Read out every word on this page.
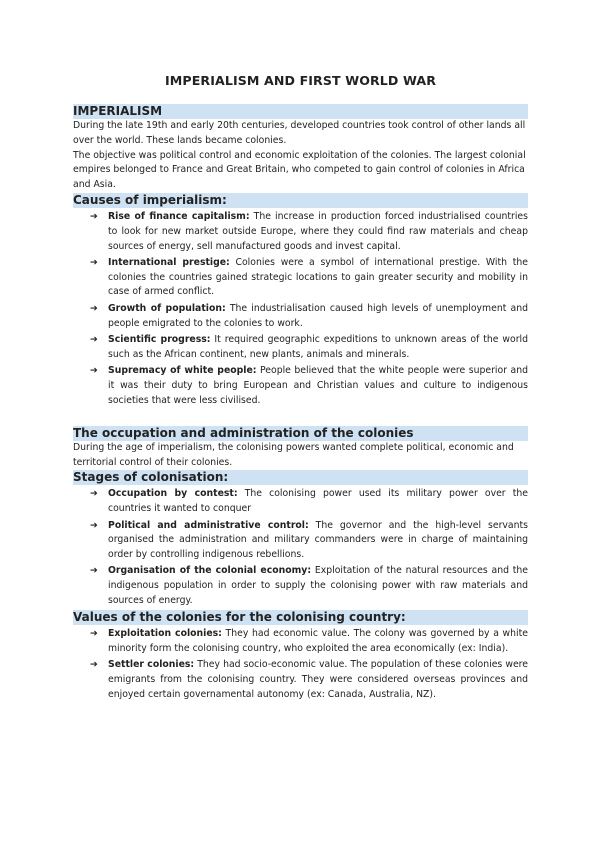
IMPERIALISM AND FIRST WORLD WAR
IMPERIALISM

During the late 19th and early 20th centuries, developed countries took control of other lands all over the world. These lands became colonies.

The objective was political control and economic exploitation of the colonies. The largest colonial empires belonged to France and Great Britain, who competed to gain control of colonies in Africa and Asia.

Causes of imperialism:
➔ Rise of finance capitalism: The increase in production forced industrialised countries to look for new market outside Europe, where they could find raw materials and cheap sources of energy, sell manufactured goods and invest capital.
➔ International prestige: Colonies were a symbol of international prestige. With the colonies the countries gained strategic locations to gain greater security and mobility in case of armed conflict.
➔ Growth of population: The industrialisation caused high levels of unemployment and people emigrated to the colonies to work.
➔ Scientific progress: It required geographic expeditions to unknown areas of the world such as the African continent, new plants, animals and minerals.
➔ Supremacy of white people: People believed that the white people were superior and it was their duty to bring European and Christian values and culture to indigenous societies that were less civilised.
The occupation and administration of the colonies

During the age of imperialism, the colonising powers wanted complete political, economic and territorial control of their colonies.

Stages of colonisation:
➔ Occupation by contest: The colonising power used its military power over the countries it wanted to conquer
➔ Political and administrative control: The governor and the high-level servants organised the administration and military commanders were in charge of maintaining order by controlling indigenous rebellions.
➔ Organisation of the colonial economy: Exploitation of the natural resources and the indigenous population in order to supply the colonising power with raw materials and sources of energy.
Values of the colonies for the colonising country:
➔ Exploitation colonies: They had economic value. The colony was governed by a white minority form the colonising country, who exploited the area economically (ex: India).
➔ Settler colonies: They had socio-economic value. The population of these colonies were emigrants from the colonising country. They were considered overseas provinces and enjoyed certain governamental autonomy (ex: Canada, Australia, NZ).
